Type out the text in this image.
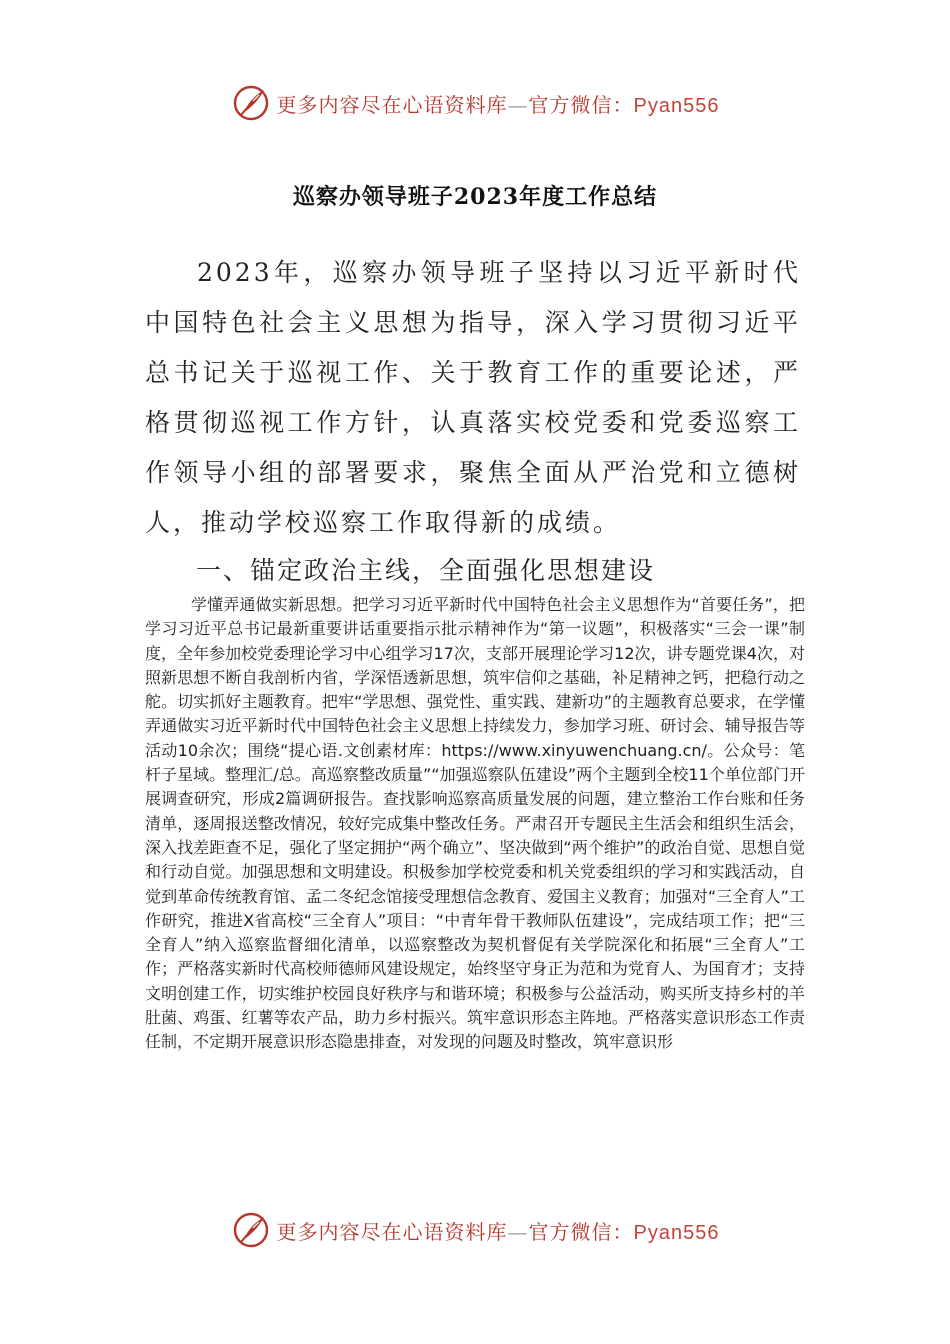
更多内容尽在心语资料库—官方微信：Pyan556
巡察办领导班子2023年度工作总结

2023年，巡察办领导班子坚持以习近平新时代中国特色社会主义思想为指导，深入学习贯彻习近平总书记关于巡视工作、关于教育工作的重要论述，严格贯彻巡视工作方针，认真落实校党委和党委巡察工作领导小组的部署要求，聚焦全面从严治党和立德树人，推动学校巡察工作取得新的成绩。

一、锚定政治主线，全面强化思想建设

学懂弄通做实新思想。把学习习近平新时代中国特色社会主义思想作为“首要任务”，把学习习近平总书记最新重要讲话重要指示批示精神作为“第一议题”，积极落实“三会一课”制度，全年参加校党委理论学习中心组学习17次，支部开展理论学习12次，讲专题党课4次，对照新思想不断自我剖析内省，学深悟透新思想，筑牢信仰之基础，补足精神之钙，把稳行动之舵。切实抓好主题教育。把牢“学思想、强党性、重实践、建新功”的主题教育总要求，在学懂弄通做实习近平新时代中国特色社会主义思想上持续发力，参加学习班、研讨会、辅导报告等活动10余次；围绕“提心语.文创素材库：https://www.xinyuwenchuang.cn/。公众号：笔杆子星域。整理汇/总。高巡察整改质量”“加强巡察队伍建设”两个主题到全校11个单位部门开展调查研究，形成2篇调研报告。查找影响巡察高质量发展的问题，建立整治工作台账和任务清单，逐周报送整改情况，较好完成集中整改任务。严肃召开专题民主生活会和组织生活会，深入找差距查不足，强化了坚定拥护“两个确立”、坚决做到“两个维护”的政治自觉、思想自觉和行动自觉。加强思想和文明建设。积极参加学校党委和机关党委组织的学习和实践活动，自觉到革命传统教育馆、孟二冬纪念馆接受理想信念教育、爱国主义教育；加强对“三全育人”工作研究，推进X省高校“三全育人”项目：“中青年骨干教师队伍建设”，完成结项工作；把“三全育人”纳入巡察监督细化清单，以巡察整改为契机督促有关学院深化和拓展“三全育人”工作；严格落实新时代高校师德师风建设规定，始终坚守身正为范和为党育人、为国育才；支持文明创建工作，切实维护校园良好秩序与和谐环境；积极参与公益活动，购买所支持乡村的羊肚菌、鸡蛋、红薯等农产品，助力乡村振兴。筑牢意识形态主阵地。严格落实意识形态工作责任制，不定期开展意识形态隐患排查，对发现的问题及时整改，筑牢意识形

更多内容尽在心语资料库—官方微信：Pyan556
